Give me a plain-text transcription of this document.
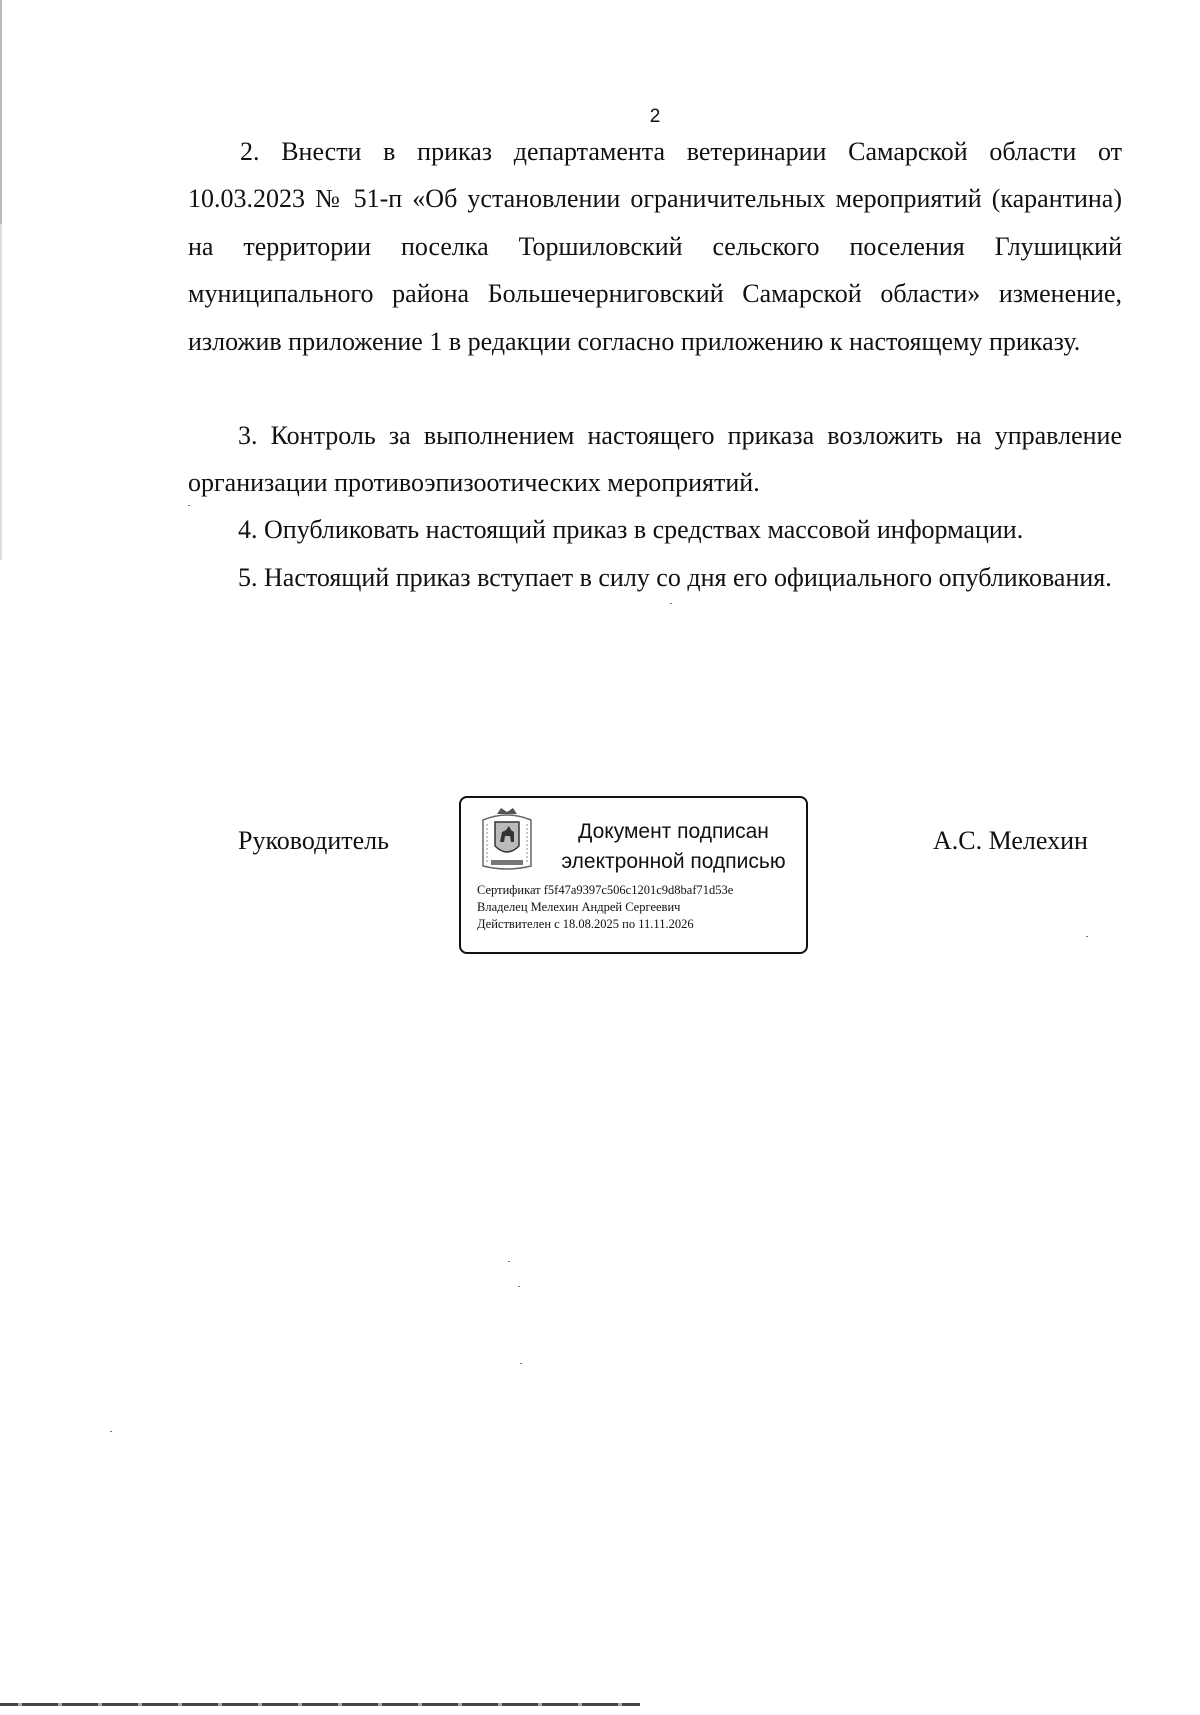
2

2. Внести в приказ департамента ветеринарии Самарской области от 10.03.2023 № 51-п «Об установлении ограничительных мероприятий (карантина) на территории поселка Торшиловский сельского поселения Глушицкий муниципального района Большечерниговский Самарской области» изменение, изложив приложение 1 в редакции согласно приложению к настоящему приказу.

3. Контроль за выполнением настоящего приказа возложить на управление организации противоэпизоотических мероприятий.

4. Опубликовать настоящий приказ в средствах массовой информации.

5. Настоящий приказ вступает в силу со дня его официального опубликования.

Руководитель	Документ подписан
электронной подписью
Сертификат f5f47a9397c506c1201c9d8baf71d53e
Владелец Мелехин Андрей Сергеевич
Действителен с 18.08.2025 по 11.11.2026
А.С. Мелехин
